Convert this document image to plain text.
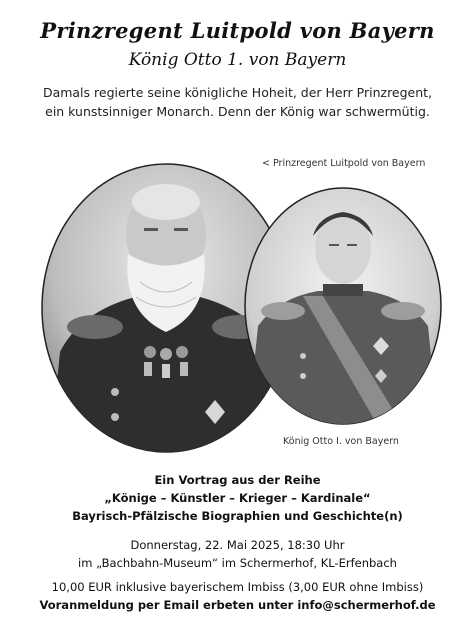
Prinzregent Luitpold von Bayern
König Otto 1. von Bayern
Damals regierte seine königliche Hoheit, der Herr Prinzregent,
ein kunstsinniger Monarch. Denn der König war schwermütig.
< Prinzregent Luitpold von Bayern
König Otto I. von Bayern
Ein Vortrag aus der Reihe
„Könige – Künstler – Krieger – Kardinale“
Bayrisch-Pfälzische Biographien und Geschichte(n)
Donnerstag, 22. Mai 2025, 18:30 Uhr
im „Bachbahn-Museum“ im Schermerhof, KL-Erfenbach
10,00 EUR inklusive bayerischem Imbiss (3,00 EUR ohne Imbiss)
Voranmeldung per Email erbeten unter info@schermerhof.de
